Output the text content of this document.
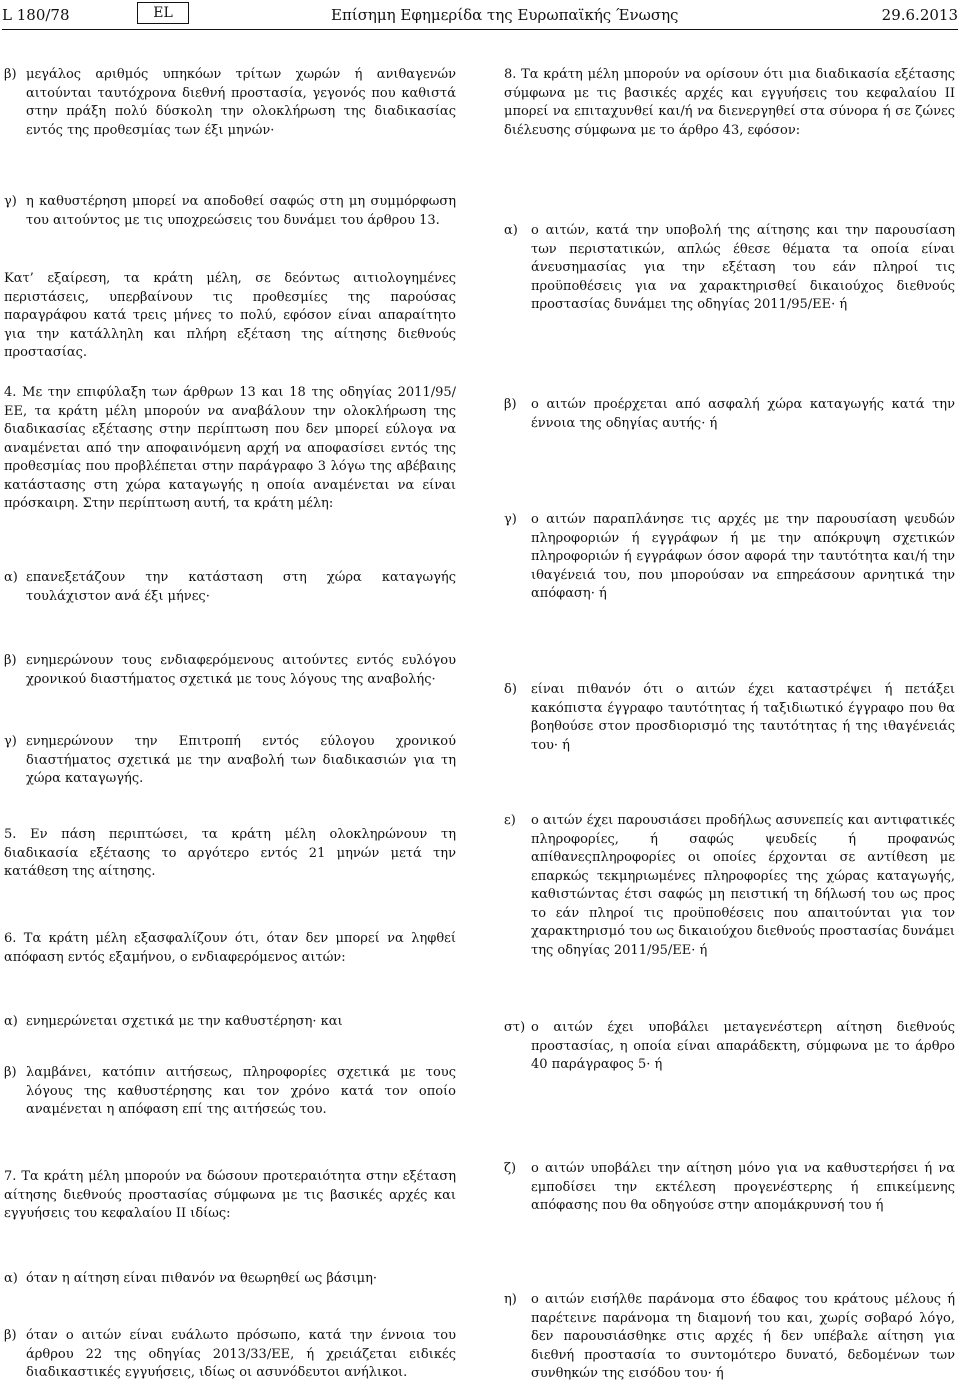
L 180/78	EL	Επίσημη Εφημερίδα της Ευρωπαϊκής Ένωσης	29.6.2013
β) μεγάλος αριθμός υπηκόων τρίτων χωρών ή ανιθαγενών αιτούνται ταυτόχρονα διεθνή προστασία, γεγονός που καθιστά στην πράξη πολύ δύσκολη την ολοκλήρωση της διαδικασίας εντός της προθεσμίας των έξι μηνών·
γ) η καθυστέρηση μπορεί να αποδοθεί σαφώς στη μη συμμόρφωση του αιτούντος με τις υποχρεώσεις του δυνάμει του άρθρου 13.
Κατ’ εξαίρεση, τα κράτη μέλη, σε δεόντως αιτιολογημένες περιστάσεις, υπερβαίνουν τις προθεσμίες της παρούσας παραγράφου κατά τρεις μήνες το πολύ, εφόσον είναι απαραίτητο για την κατάλληλη και πλήρη εξέταση της αίτησης διεθνούς προστασίας.
4. Με την επιφύλαξη των άρθρων 13 και 18 της οδηγίας 2011/95/ΕΕ, τα κράτη μέλη μπορούν να αναβάλουν την ολοκλήρωση της διαδικασίας εξέτασης στην περίπτωση που δεν μπορεί εύλογα να αναμένεται από την αποφαινόμενη αρχή να αποφασίσει εντός της προθεσμίας που προβλέπεται στην παράγραφο 3 λόγω της αβέβαιης κατάστασης στη χώρα καταγωγής η οποία αναμένεται να είναι πρόσκαιρη. Στην περίπτωση αυτή, τα κράτη μέλη:
α) επανεξετάζουν την κατάσταση στη χώρα καταγωγής τουλάχιστον ανά έξι μήνες·
β) ενημερώνουν τους ενδιαφερόμενους αιτούντες εντός ευλόγου χρονικού διαστήματος σχετικά με τους λόγους της αναβολής·
γ) ενημερώνουν την Επιτροπή εντός εύλογου χρονικού διαστήματος σχετικά με την αναβολή των διαδικασιών για τη χώρα καταγωγής.
5. Εν πάση περιπτώσει, τα κράτη μέλη ολοκληρώνουν τη διαδικασία εξέτασης το αργότερο εντός 21 μηνών μετά την κατάθεση της αίτησης.
6. Τα κράτη μέλη εξασφαλίζουν ότι, όταν δεν μπορεί να ληφθεί απόφαση εντός εξαμήνου, ο ενδιαφερόμενος αιτών:
α) ενημερώνεται σχετικά με την καθυστέρηση· και
β) λαμβάνει, κατόπιν αιτήσεως, πληροφορίες σχετικά με τους λόγους της καθυστέρησης και τον χρόνο κατά τον οποίο αναμένεται η απόφαση επί της αιτήσεώς του.
7. Τα κράτη μέλη μπορούν να δώσουν προτεραιότητα στην εξέταση αίτησης διεθνούς προστασίας σύμφωνα με τις βασικές αρχές και εγγυήσεις του κεφαλαίου ΙΙ ιδίως:
α) όταν η αίτηση είναι πιθανόν να θεωρηθεί ως βάσιμη·
β) όταν ο αιτών είναι ευάλωτο πρόσωπο, κατά την έννοια του άρθρου 22 της οδηγίας 2013/33/ΕΕ, ή χρειάζεται ειδικές διαδικαστικές εγγυήσεις, ιδίως οι ασυνόδευτοι ανήλικοι.
8. Τα κράτη μέλη μπορούν να ορίσουν ότι μια διαδικασία εξέτασης σύμφωνα με τις βασικές αρχές και εγγυήσεις του κεφαλαίου ΙΙ μπορεί να επιταχυνθεί και/ή να διενεργηθεί στα σύνορα ή σε ζώνες διέλευσης σύμφωνα με το άρθρο 43, εφόσον:
α)	ο αιτών, κατά την υποβολή της αίτησης και την παρουσίαση των περιστατικών, απλώς έθεσε θέματα τα οποία είναι άνευσημασίας για την εξέταση του εάν πληροί τις προϋποθέσεις για να χαρακτηρισθεί δικαιούχος διεθνούς προστασίας δυνάμει της οδηγίας 2011/95/ΕΕ· ή
β)	ο αιτών προέρχεται από ασφαλή χώρα καταγωγής κατά την έννοια της οδηγίας αυτής· ή
γ)	ο αιτών παραπλάνησε τις αρχές με την παρουσίαση ψευδών πληροφοριών ή εγγράφων ή με την απόκρυψη σχετικών πληροφοριών ή εγγράφων όσον αφορά την ταυτότητα και/ή την ιθαγένειά του, που μπορούσαν να επηρεάσουν αρνητικά την απόφαση· ή
δ)	είναι πιθανόν ότι ο αιτών έχει καταστρέψει ή πετάξει κακόπιστα έγγραφο ταυτότητας ή ταξιδιωτικό έγγραφο που θα βοηθούσε στον προσδιορισμό της ταυτότητας ή της ιθαγένειάς του· ή
ε)	ο αιτών έχει παρουσιάσει προδήλως ασυνεπείς και αντιφατικές πληροφορίες, ή σαφώς ψευδείς ή προφανώς απίθανεςπληροφορίες οι οποίες έρχονται σε αντίθεση με επαρκώς τεκμηριωμένες πληροφορίες της χώρας καταγωγής, καθιστώντας έτσι σαφώς μη πειστική τη δήλωσή του ως προς το εάν πληροί τις προϋποθέσεις που απαιτούνται για τον χαρακτηρισμό του ως δικαιούχου διεθνούς προστασίας δυνάμει της οδηγίας 2011/95/ΕΕ· ή
στ) ο αιτών έχει υποβάλει μεταγενέστερη αίτηση διεθνούς προστασίας, η οποία είναι απαράδεκτη, σύμφωνα με το άρθρο 40 παράγραφος 5· ή
ζ)	ο αιτών υποβάλει την αίτηση μόνο για να καθυστερήσει ή να εμποδίσει την εκτέλεση προγενέστερης ή επικείμενης απόφασης που θα οδηγούσε στην απομάκρυνσή του ή
η)	ο αιτών εισήλθε παράνομα στο έδαφος του κράτους μέλους ή παρέτεινε παράνομα τη διαμονή του και, χωρίς σοβαρό λόγο, δεν παρουσιάσθηκε στις αρχές ή δεν υπέβαλε αίτηση για διεθνή προστασία το συντομότερο δυνατό, δεδομένων των συνθηκών της εισόδου του· ή
